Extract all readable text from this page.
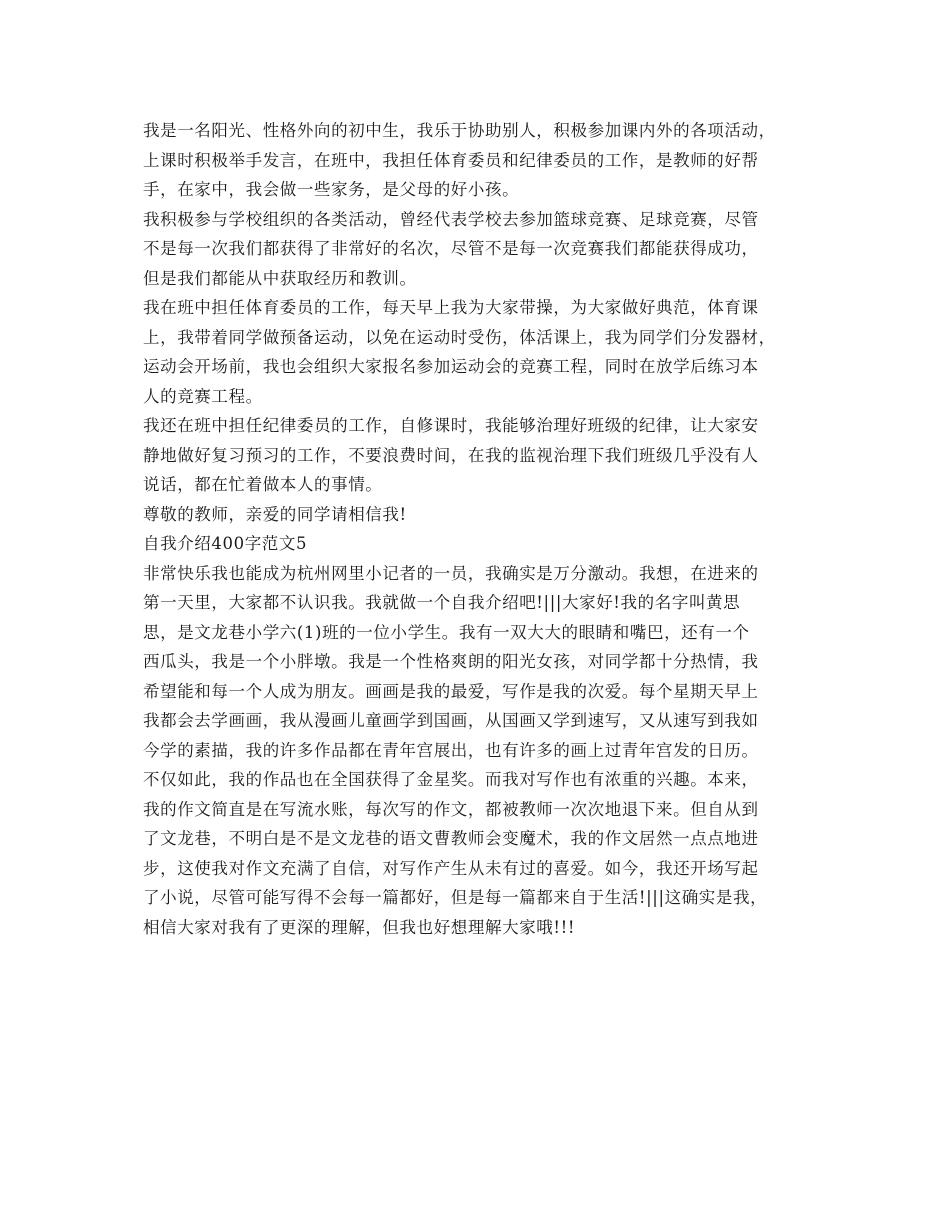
我是一名阳光、性格外向的初中生，我乐于协助别人，积极参加课内外的各项活动，
上课时积极举手发言，在班中，我担任体育委员和纪律委员的工作，是教师的好帮
手，在家中，我会做一些家务，是父母的好小孩。
我积极参与学校组织的各类活动，曾经代表学校去参加篮球竞赛、足球竞赛，尽管
不是每一次我们都获得了非常好的名次，尽管不是每一次竞赛我们都能获得成功，
但是我们都能从中获取经历和教训。
我在班中担任体育委员的工作，每天早上我为大家带操，为大家做好典范，体育课
上，我带着同学做预备运动，以免在运动时受伤，体活课上，我为同学们分发器材，
运动会开场前，我也会组织大家报名参加运动会的竞赛工程，同时在放学后练习本
人的竞赛工程。
我还在班中担任纪律委员的工作，自修课时，我能够治理好班级的纪律，让大家安
静地做好复习预习的工作，不要浪费时间，在我的监视治理下我们班级几乎没有人
说话，都在忙着做本人的事情。
尊敬的教师，亲爱的同学请相信我!
自我介绍400字范文5
非常快乐我也能成为杭州网里小记者的一员，我确实是万分激动。我想，在进来的
第一天里，大家都不认识我。我就做一个自我介绍吧!|||大家好!我的名字叫黄思
思，是文龙巷小学六(1)班的一位小学生。我有一双大大的眼睛和嘴巴，还有一个
西瓜头，我是一个小胖墩。我是一个性格爽朗的阳光女孩，对同学都十分热情，我
希望能和每一个人成为朋友。画画是我的最爱，写作是我的次爱。每个星期天早上
我都会去学画画，我从漫画儿童画学到国画，从国画又学到速写，又从速写到我如
今学的素描，我的许多作品都在青年宫展出，也有许多的画上过青年宫发的日历。
不仅如此，我的作品也在全国获得了金星奖。而我对写作也有浓重的兴趣。本来，
我的作文简直是在写流水账，每次写的作文，都被教师一次次地退下来。但自从到
了文龙巷，不明白是不是文龙巷的语文曹教师会变魔术，我的作文居然一点点地进
步，这使我对作文充满了自信，对写作产生从未有过的喜爱。如今，我还开场写起
了小说，尽管可能写得不会每一篇都好，但是每一篇都来自于生活!|||这确实是我，
相信大家对我有了更深的理解，但我也好想理解大家哦!!!
